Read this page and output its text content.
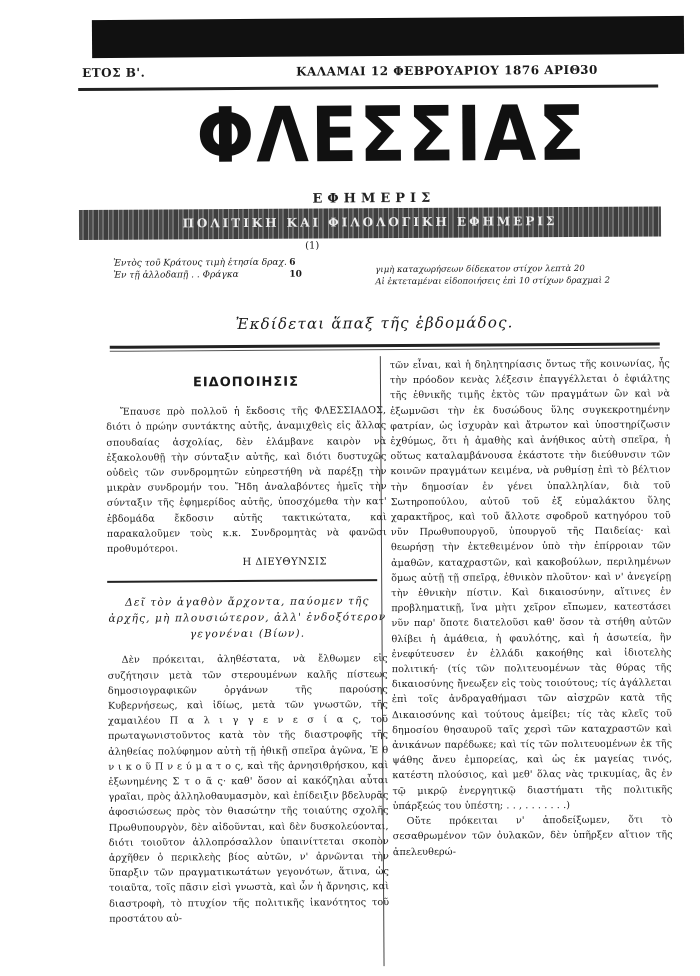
ΕΤΟΣ Β'.	ΚΑΛΑΜΑΙ 12 ΦΕΒΡΟΥΑΡΙΟΥ 1876 ΑΡΙΘ.
30
ΦΛΕΣΣΙΑΣ
ΕΦΗΜΕΡΙΣ
ΠΟΛΙΤΙΚΗ ΚΑΙ ΦΙΛΟΛΟΓΙΚΗ ΕΦΗΜΕΡΙΣ
(1)
Ἐντὸς τοῦ Κράτους τιμὴ ἐτησία δραχ. 6
Ἐν τῇ ἀλλοδαπῇ . . Φράγκα	10	γιμὴ καταχωρήσεων δίδεκατον στίχον λεπτὰ 20
Αἱ ἐκτεταμέναι εἰδοποιήσεις ἐπὶ 10 στίχων δραχμαὶ 2
Ἐκδίδεται ἅπαξ τῆς ἑβδομάδος.

ΕΙΔΟΠΟΙΗΣΙΣ

Ἔπαυσε πρὸ πολλοῦ ἡ ἔκδοσις τῆς ΦΛΕΣΣΙΑΔΟΣ, διότι ὁ πρώην συντάκτης αὐτῆς, ἀναμιχθεὶς εἰς ἄλλας σπουδαίας ἀσχολίας, δὲν ἐλάμβανε καιρὸν νὰ ἐξακολουθῇ τὴν σύνταξιν αὐτῆς, καὶ διότι δυστυχῶς οὐδεὶς τῶν συνδρομητῶν εὐηρεστήθη νὰ παρέξῃ τὴν μικρὰν συνδρομήν του. Ἤδη ἀναλαβόντες ἡμεῖς τὴν σύνταξιν τῆς ἐφημερίδος αὐτῆς, ὑποσχόμεθα τὴν κατ' ἑβδομάδα ἔκδοσιν αὐτῆς τακτικώτατα, καὶ παρακαλοῦμεν τοὺς κ.κ. Συνδρομητὰς νὰ φανῶσι προθυμότεροι.

Η ΔΙΕΥΘΥΝΣΙΣ

Δεῖ τὸν ἀγαθὸν ἄρχοντα, παύομεν τῆς ἀρχῆς, μὴ πλουσιώτερον, ἀλλ' ἐνδοξότερον γεγονέναι (Βίων).

Δὲν πρόκειται, ἀληθέστατα, νὰ ἔλθωμεν εἰς συζήτησιν μετὰ τῶν στερουμένων καλῆς πίστεως δημοσιογραφικῶν ὀργάνων τῆς παρούσης Κυβερνήσεως, καὶ ἰδίως, μετὰ τῶν γνωστῶν, τῆς χαμαιλέου Π α λ ι γ γ ε ν ε σ ί α ς, τοῦ πρωταγωνιστοῦντος κατὰ τὸν τῆς διαστροφῆς τῆς ἀληθείας πολύφημον αὐτὴ τῇ ἠθικῇ σπεῖρα ἀγῶνα, Ἐ θ ν ι κ ο ῦ Π ν ε ύ μ α τ ο ς, καὶ τῆς ἀρνησιθρήσκου, καὶ ἐξωνημένης Σ τ ο ᾶ ς· καθ' ὅσον αἱ κακόζηλαι αὗται γραῖαι, πρὸς ἀλληλοθαυμασμὸν, καὶ ἐπίδειξιν βδελυρᾶς ἀφοσιώσεως πρὸς τὸν θιασώτην τῆς τοιαύτης σχολῆς Πρωθυπουργὸν, δὲν αἰδοῦνται, καὶ δὲν δυσκολεύονται, διότι τοιοῦτον ἀλλοπρόσαλλον ὑπαινίττεται σκοπὸν ἀρχῆθεν ὁ περικλεὴς βίος αὐτῶν, ν' ἀρνῶνται τὴν ὕπαρξιν τῶν πραγματικωτάτων γεγονότων, ἅτινα, ὡς τοιαῦτα, τοῖς πᾶσιν εἰσὶ γνωστὰ, καὶ ὧν ἡ ἄρνησις, καὶ διαστροφὴ, τὸ πτυχίον τῆς πολιτικῆς ἱκανότητος τοῦ προστάτου αὐ-

τῶν εἶναι, καὶ ἡ δηλητηρίασις ὄντως τῆς κοινωνίας, ἧς τὴν πρόοδον κενὰς λέξεσιν ἐπαγγέλλεται ὁ ἐφιάλτης τῆς ἐθνικῆς τιμῆς ἐκτὸς τῶν πραγμάτων ὢν καὶ νὰ ἐξωμνῶσι τὴν ἐκ δυσώδους ὕλης συγκεκροτημένην φατρίαν, ὡς ἰσχυρὰν καὶ ἄτρωτον καὶ ὑποστηρίζωσιν ἐχθύμως, ὅτι ἡ ἀμαθὴς καὶ ἀνήθικος αὐτὴ σπεῖρα, ἡ οὕτως καταλαμβάνουσα ἑκάστοτε τὴν διεύθυνσιν τῶν κοινῶν πραγμάτων κειμένα, νὰ ρυθμίσῃ ἐπὶ τὸ βέλτιον τὴν δημοσίαν ἐν γένει ὑπαλληλίαν, διὰ τοῦ Σωτηροπούλου, αὐτοῦ τοῦ ἐξ εὐμαλάκτου ὕλης χαρακτῆρος, καὶ τοῦ ἄλλοτε σφοδροῦ κατηγόρου τοῦ νῦν Πρωθυπουργοῦ, ὑπουργοῦ τῆς Παιδείας· καὶ θεωρήσῃ τὴν ἐκτεθειμένον ὑπὸ τὴν ἐπίρροιαν τῶν ἀμαθῶν, καταχραστῶν, καὶ κακοβούλων, περιλημένων ὅμως αὐτῇ τῇ σπεῖρᾳ, ἐθνικὸν πλοῦτον· καὶ ν' ἀνεγείρῃ τὴν ἐθνικὴν πίστιν. Καὶ δικαιοσύνην, αἵτινες ἐν προβληματικῇ, ἵνα μὴτι χεῖρον εἴπωμεν, κατεστάσει νῦν παρ' ὅποτε διατελοῦσι καθ' ὅσον τὰ στήθη αὐτῶν θλίβει ἡ ἀμάθεια, ἡ φαυλότης, καὶ ἡ ἀσωτεία, ἣν ἐνεφύτευσεν ἐν ἑλλάδι κακοήθης καὶ ἰδιοτελὴς πολιτική· (τίς τῶν πολιτευομένων τὰς θύρας τῆς δικαιοσύνης ἤνεωξεν εἰς τοὺς τοιούτους; τίς ἀγάλλεται ἐπὶ τοῖς ἀνδραγαθήμασι τῶν αἰσχρῶν κατὰ τῆς Δικαιοσύνης καὶ τούτους ἀμείβει; τίς τὰς κλεῖς τοῦ δημοσίου θησαυροῦ ταῖς χερσὶ τῶν καταχραστῶν καὶ ἀνικάνων παρέδωκε; καὶ τίς τῶν πολιτευομένων ἐκ τῆς ψάθης ἄνευ ἐμπορείας, καὶ ὡς ἐκ μαγείας τινός, κατέστη πλούσιος, καὶ μεθ' ὅλας νὰς τρικυμίας, ἂς ἐν τῷ μικρῷ ἐνεργητικῷ διαστήματι τῆς πολιτικῆς ὑπάρξεώς του ὑπέστη; . . , . . . . . . .)

Οὔτε πρόκειται ν' ἀποδείξωμεν, ὅτι τὸ σεσαθρωμένον τῶν ὀυλακῶν, δὲν ὑπῆρξεν αἴτιον τῆς ἀπελευθερώ-
